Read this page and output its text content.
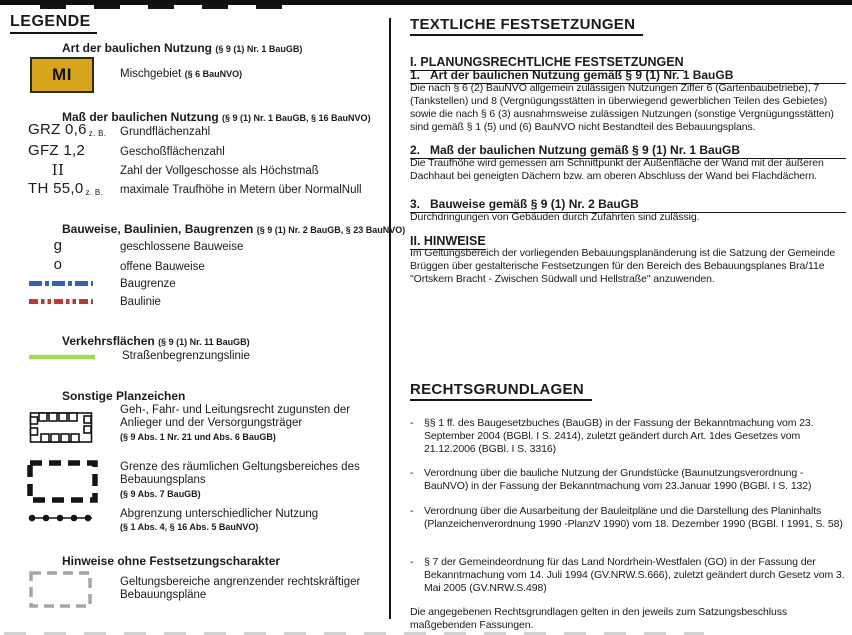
LEGENDE
Art der baulichen Nutzung (§ 9 (1) Nr. 1 BauGB)
MI	Mischgebiet (§ 6 BauNVO)
Maß der baulichen Nutzung (§ 9 (1) Nr. 1 BauGB, § 16 BauNVO)
GRZ 0,6 $_{z. B.}$ Grundflächenzahl
GFZ 1,2	Geschoßflächenzahl
II	Zahl der Vollgeschosse als Höchstmaß
TH 55,0 $_{z. B.}$ maximale Traufhöhe in Metern über NormalNull
Bauweise, Baulinien, Baugrenzen (§ 9 (1) Nr. 2 BauGB, § 23 BauNVO)
g	geschlossene Bauweise
o	offene Bauweise
Baugrenze
Baulinie
Verkehrsflächen (§ 9 (1) Nr. 11 BauGB)
Straßenbegrenzungslinie
Sonstige Planzeichen
Geh-, Fahr- und Leitungsrecht zugunsten der Anlieger und der Versorgungsträger
(§ 9 Abs. 1 Nr. 21 und Abs. 6 BauGB)
Grenze des räumlichen Geltungsbereiches des Bebauungsplans
(§ 9 Abs. 7 BauGB)
Abgrenzung unterschiedlicher Nutzung
(§ 1 Abs. 4, § 16 Abs. 5 BauNVO)
Hinweise ohne Festsetzungscharakter
Geltungsbereiche angrenzender rechtskräftiger Bebauungspläne
TEXTLICHE FESTSETZUNGEN
I. PLANUNGSRECHTLICHE FESTSETZUNGEN
1. Art der baulichen Nutzung gemäß § 9 (1) Nr. 1 BauGB
Die nach § 6 (2) BauNVO allgemein zulässigen Nutzungen Ziffer 6 (Gartenbaubetriebe), 7 (Tankstellen) und 8 (Vergnügungsstätten in überwiegend gewerblichen Teilen des Gebietes) sowie die nach § 6 (3) ausnahmsweise zulässigen Nutzungen (sonstige Vergnügungsstätten) sind gemäß § 1 (5) und (6) BauNVO nicht Bestandteil des Bebauungsplans.
2. Maß der baulichen Nutzung gemäß § 9 (1) Nr. 1 BauGB
Die Traufhöhe wird gemessen am Schnittpunkt der Außenfläche der Wand mit der äußeren Dachhaut bei geneigten Dächern bzw. am oberen Abschluss der Wand bei Flachdächern.
3. Bauweise gemäß § 9 (1) Nr. 2 BauGB
Durchdringungen von Gebäuden durch Zufahrten sind zulässig.
II. HINWEISE
Im Geltungsbereich der vorliegenden Bebauungsplanänderung ist die Satzung der Gemeinde Brüggen über gestalterische Festsetzungen für den Bereich des Bebauungsplanes Bra/11e "Ortskern Bracht - Zwischen Südwall und Hellstraße" anzuwenden.
RECHTSGRUNDLAGEN
-	§§ 1 ff. des Baugesetzbuches (BauGB) in der Fassung der Bekanntmachung vom 23. September 2004 (BGBl. I S. 2414), zuletzt geändert durch Art. 1des Gesetzes vom 21.12.2006 (BGBl. I S. 3316)
-	Verordnung über die bauliche Nutzung der Grundstücke (Baunutzungsverordnung -BauNVO) in der Fassung der Bekanntmachung vom 23.Januar 1990 (BGBl. I S. 132)
-	Verordnung über die Ausarbeitung der Bauleitpläne und die Darstellung des Planinhalts (Planzeichenverordnung 1990 -PlanzV 1990) vom 18. Dezember 1990 (BGBl. I 1991, S. 58)
-	§ 7 der Gemeindeordnung für das Land Nordrhein-Westfalen (GO) in der Fassung der Bekanntmachung vom 14. Juli 1994 (GV.NRW.S.666), zuletzt geändert durch Gesetz vom 3. Mai 2005 (GV.NRW.S.498)
Die angegebenen Rechtsgrundlagen gelten in den jeweils zum Satzungsbeschluss maßgebenden Fassungen.
